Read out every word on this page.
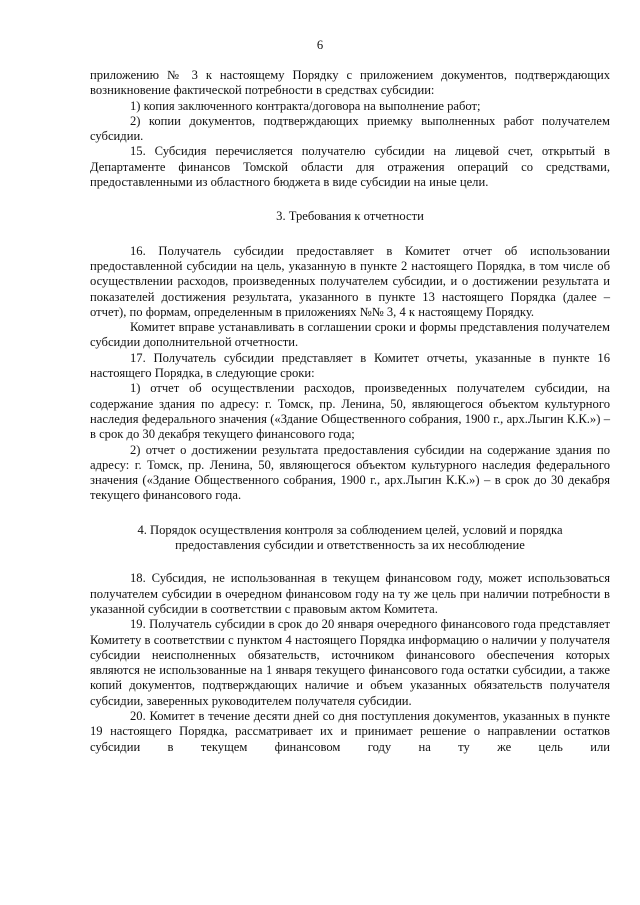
6

приложению № 3 к настоящему Порядку с приложением документов, подтверждающих возникновение фактической потребности в средствах субсидии:

1) копия заключенного контракта/договора на выполнение работ;

2) копии документов, подтверждающих приемку выполненных работ получателем субсидии.

15. Субсидия перечисляется получателю субсидии на лицевой счет, открытый в Департаменте финансов Томской области для отражения операций со средствами, предоставленными из областного бюджета в виде субсидии на иные цели.

3. Требования к отчетности

16. Получатель субсидии предоставляет в Комитет отчет об использовании предоставленной субсидии на цель, указанную в пункте 2 настоящего Порядка, в том числе об осуществлении расходов, произведенных получателем субсидии, и о достижении результата и показателей достижения результата, указанного в пункте 13 настоящего Порядка (далее – отчет), по формам, определенным в приложениях №№ 3, 4 к настоящему Порядку.

Комитет вправе устанавливать в соглашении сроки и формы представления получателем субсидии дополнительной отчетности.

17. Получатель субсидии представляет в Комитет отчеты, указанные в пункте 16 настоящего Порядка, в следующие сроки:

1) отчет об осуществлении расходов, произведенных получателем субсидии, на содержание здания по адресу: г. Томск, пр. Ленина, 50, являющегося объектом культурного наследия федерального значения («Здание Общественного собрания, 1900 г., арх.Лыгин К.К.») – в срок до 30 декабря текущего финансового года;

2) отчет о достижении результата предоставления субсидии на содержание здания по адресу: г. Томск, пр. Ленина, 50, являющегося объектом культурного наследия федерального значения («Здание Общественного собрания, 1900 г., арх.Лыгин К.К.») – в срок до 30 декабря текущего финансового года.

4. Порядок осуществления контроля за соблюдением целей, условий и порядка

предоставления субсидии и ответственность за их несоблюдение

18. Субсидия, не использованная в текущем финансовом году, может использоваться получателем субсидии в очередном финансовом году на ту же цель при наличии потребности в указанной субсидии в соответствии с правовым актом Комитета.

19. Получатель субсидии в срок до 20 января очередного финансового года представляет Комитету в соответствии с пунктом 4 настоящего Порядка информацию о наличии у получателя субсидии неисполненных обязательств, источником финансового обеспечения которых являются не использованные на 1 января текущего финансового года остатки субсидии, а также копий документов, подтверждающих наличие и объем указанных обязательств получателя субсидии, заверенных руководителем получателя субсидии.

20. Комитет в течение десяти дней со дня поступления документов, указанных в пункте 19 настоящего Порядка, рассматривает их и принимает решение о направлении остатков субсидии в текущем финансовом году на ту же цель или
